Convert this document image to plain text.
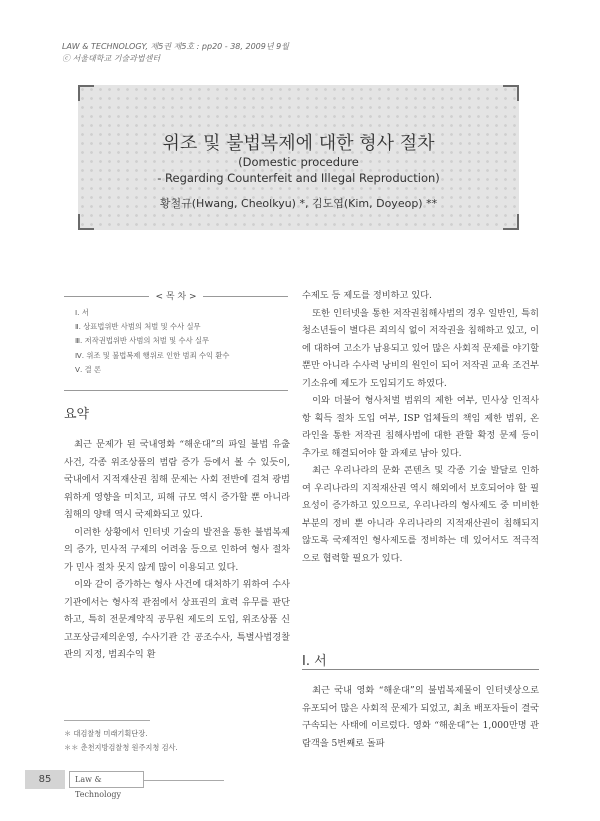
LAW & TECHNOLOGY, 제5권 제5호 : pp20 - 38, 2009년 9월
ⓒ 서울대학교 기술과법센터
위조 및 불법복제에 대한 형사 절차
(Domestic procedure
- Regarding Counterfeit and Illegal Reproduction)
황철규(Hwang, Cheolkyu) *, 김도엽(Kim, Doyeop) **
< 목 차 >
Ⅰ. 서
Ⅱ. 상표법위반 사범의 처벌 및 수사 실무
Ⅲ. 저작권법위반 사범의 처벌 및 수사 실무
Ⅳ. 위조 및 불법복제 행위로 인한 범죄 수익 환수
Ⅴ. 결 론
요약

최근 문제가 된 국내영화 “해운대”의 파일 불법 유출사건, 각종 위조상품의 범람 증가 등에서 볼 수 있듯이, 국내에서 지적재산권 침해 문제는 사회 전반에 걸쳐 광범위하게 영향을 미치고, 피해 규모 역시 증가할 뿐 아니라 침해의 양태 역시 국제화되고 있다.

이러한 상황에서 인터넷 기술의 발전을 통한 불법복제의 증가, 민사적 구제의 어려움 등으로 인하여 형사 절차가 민사 절차 못지 않게 많이 이용되고 있다.

이와 같이 증가하는 형사 사건에 대처하기 위하여 수사기관에서는 형사적 관점에서 상표권의 효력 유무를 판단하고, 특히 전문계약직 공무원 제도의 도입, 위조상품 신고포상금제의운영, 수사기관 간 공조수사, 특별사법경찰관의 지정, 범죄수익 환

수제도 등 제도를 정비하고 있다.

또한 인터넷을 통한 저작권침해사범의 경우 일반인, 특히 청소년들이 별다른 죄의식 없이 저작권을 침해하고 있고, 이에 대하여 고소가 남용되고 있어 많은 사회적 문제를 야기할 뿐만 아니라 수사력 낭비의 원인이 되어 저작권 교육 조건부 기소유예 제도가 도입되기도 하였다.

이와 더불어 형사처벌 범위의 제한 여부, 민사상 인적사항 획득 절차 도입 여부, ISP 업체들의 책임 제한 범위, 온라인을 통한 저작권 침해사범에 대한 관할 확정 문제 등이 추가로 해결되어야 할 과제로 남아 있다.

최근 우리나라의 문화 콘텐츠 및 각종 기술 발달로 인하여 우리나라의 지적재산권 역시 해외에서 보호되어야 할 필요성이 증가하고 있으므로, 우리나라의 형사제도 중 미비한 부분의 정비 뿐 아니라 우리나라의 지적재산권이 침해되지 않도록 국제적인 형사제도를 정비하는 데 있어서도 적극적으로 협력할 필요가 있다.

Ⅰ. 서

최근 국내 영화 “해운대”의 불법복제물이 인터넷상으로 유포되어 많은 사회적 문제가 되었고, 최초 배포자들이 결국 구속되는 사태에 이르렀다. 영화 “해운대”는 1,000만명 관람객을 5번째로 돌파

＊ 대검찰청 미래기획단장.
＊＊ 춘천지방검찰청 원주지청 검사.
85	Law & Technology
